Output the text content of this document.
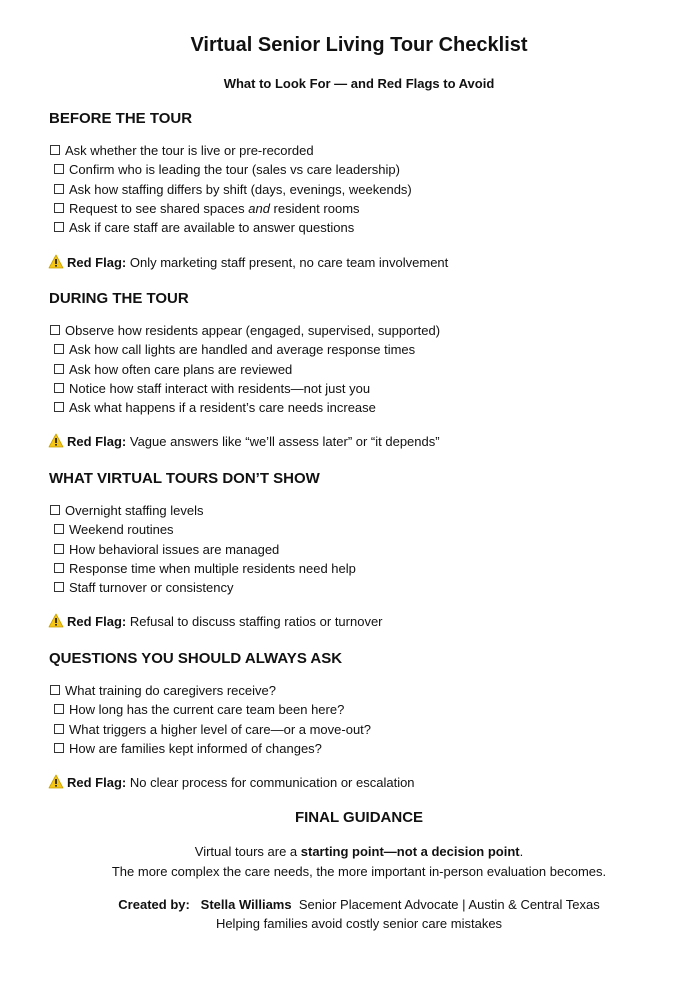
Virtual Senior Living Tour Checklist
What to Look For — and Red Flags to Avoid
BEFORE THE TOUR
Ask whether the tour is live or pre-recorded
Confirm who is leading the tour (sales vs care leadership)
Ask how staffing differs by shift (days, evenings, weekends)
Request to see shared spaces and resident rooms
Ask if care staff are available to answer questions
Red Flag: Only marketing staff present, no care team involvement
DURING THE TOUR
Observe how residents appear (engaged, supervised, supported)
Ask how call lights are handled and average response times
Ask how often care plans are reviewed
Notice how staff interact with residents—not just you
Ask what happens if a resident’s care needs increase
Red Flag: Vague answers like “we’ll assess later” or “it depends”
WHAT VIRTUAL TOURS DON’T SHOW
Overnight staffing levels
Weekend routines
How behavioral issues are managed
Response time when multiple residents need help
Staff turnover or consistency
Red Flag: Refusal to discuss staffing ratios or turnover
QUESTIONS YOU SHOULD ALWAYS ASK
What training do caregivers receive?
How long has the current care team been here?
What triggers a higher level of care—or a move-out?
How are families kept informed of changes?
Red Flag: No clear process for communication or escalation
FINAL GUIDANCE
Virtual tours are a starting point—not a decision point.
The more complex the care needs, the more important in-person evaluation becomes.
Created by: Stella Williams Senior Placement Advocate | Austin & Central Texas
Helping families avoid costly senior care mistakes
